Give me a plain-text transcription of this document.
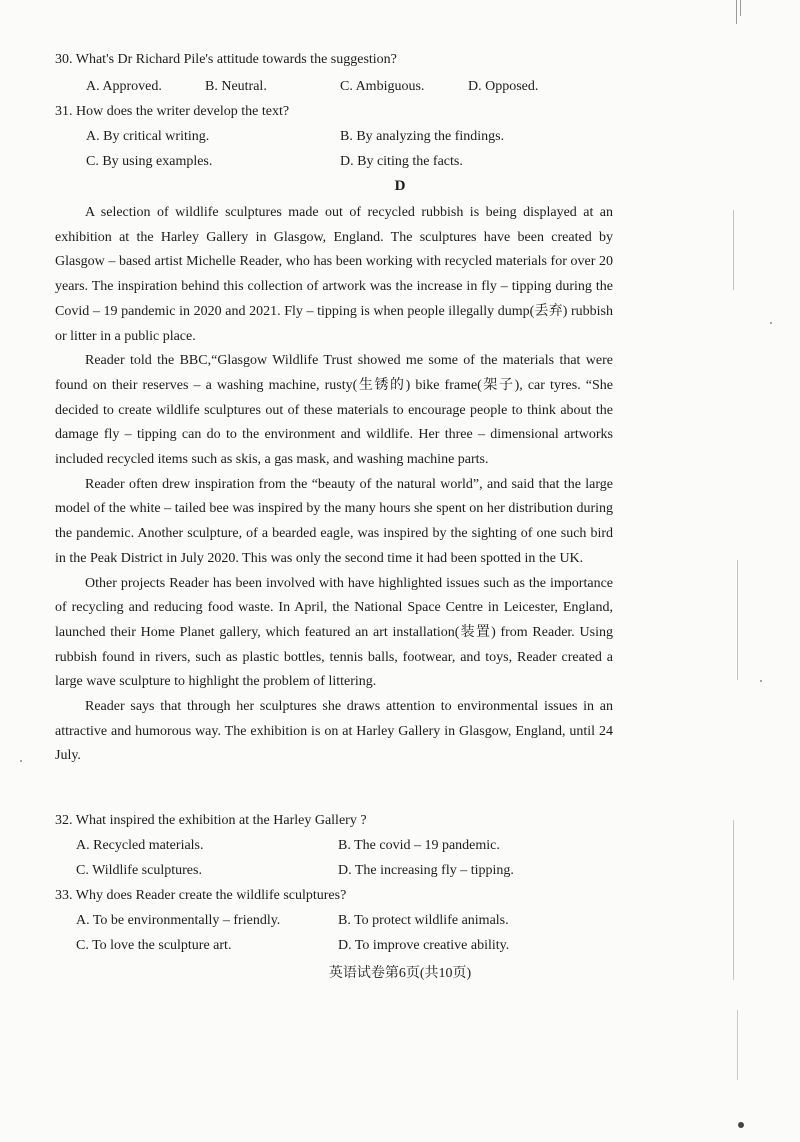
30. What's Dr Richard Pile's attitude towards the suggestion?
A. Approved.	B. Neutral.	C. Ambiguous.	D. Opposed.
31. How does the writer develop the text?
A. By critical writing.	B. By analyzing the findings.
C. By using examples.	D. By citing the facts.
D

A selection of wildlife sculptures made out of recycled rubbish is being displayed at an exhibition at the Harley Gallery in Glasgow, England. The sculptures have been created by Glasgow – based artist Michelle Reader, who has been working with recycled materials for over 20 years. The inspiration behind this collection of artwork was the increase in fly – tipping during the Covid – 19 pandemic in 2020 and 2021. Fly – tipping is when people illegally dump(丢弃) rubbish or litter in a public place.

Reader told the BBC,“Glasgow Wildlife Trust showed me some of the materials that were found on their reserves – a washing machine, rusty(生锈的) bike frame(架子), car tyres. “She decided to create wildlife sculptures out of these materials to encourage people to think about the damage fly – tipping can do to the environment and wildlife. Her three – dimensional artworks included recycled items such as skis, a gas mask, and washing machine parts.

Reader often drew inspiration from the “beauty of the natural world”, and said that the large model of the white – tailed bee was inspired by the many hours she spent on her distribution during the pandemic. Another sculpture, of a bearded eagle, was inspired by the sighting of one such bird in the Peak District in July 2020. This was only the second time it had been spotted in the UK.

Other projects Reader has been involved with have highlighted issues such as the importance of recycling and reducing food waste. In April, the National Space Centre in Leicester, England, launched their Home Planet gallery, which featured an art installation(装置) from Reader. Using rubbish found in rivers, such as plastic bottles, tennis balls, footwear, and toys, Reader created a large wave sculpture to highlight the problem of littering.

Reader says that through her sculptures she draws attention to environmental issues in an attractive and humorous way. The exhibition is on at Harley Gallery in Glasgow, England, until 24 July.

32. What inspired the exhibition at the Harley Gallery ?
A. Recycled materials.	B. The covid – 19 pandemic.
C. Wildlife sculptures.	D. The increasing fly – tipping.
33. Why does Reader create the wildlife sculptures?
A. To be environmentally – friendly.	B. To protect wildlife animals.
C. To love the sculpture art.	D. To improve creative ability.
英语试卷第6页(共10页)
